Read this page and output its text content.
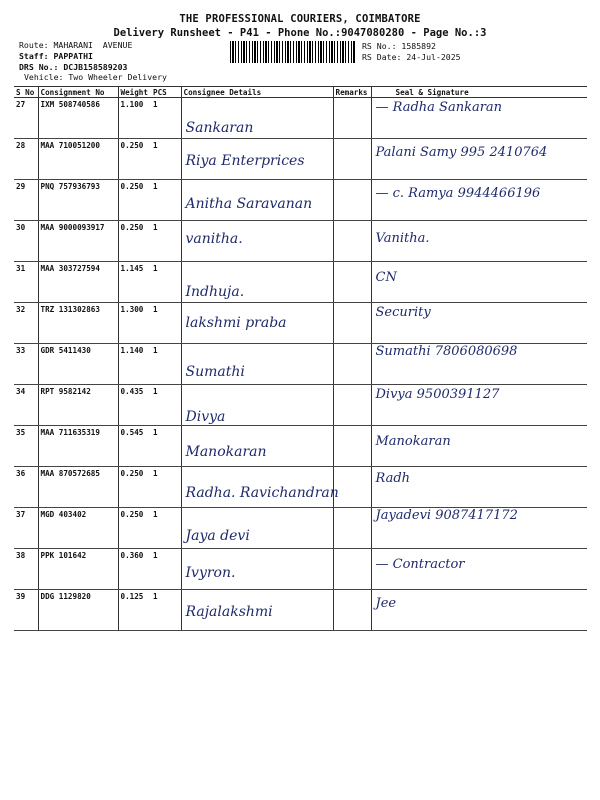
THE PROFESSIONAL COURIERS, COIMBATORE
Delivery Runsheet - P41 - Phone No.:9047080280 - Page No.:3
Route: MAHARANI  AVENUE
Staff: PAPPATHI
DRS No.: DCJB15858920З
Vehicle: Two Wheeler Delivery
RS No.: 1585892
RS Date: 24-Jul-2025
S No	Consignment No	Weight	PCS	Consignee Details	Remarks	Seal & Signature
27	IXM 508740586	1.100	1	Sankaran		— Radha Sankaran

28	MAA 710051200	0.250	1	Riya Enterprices		Palani Samy 995 2410764

29	PNQ 757936793	0.250	1	Anitha Saravanan		— c. Ramya 9944466196

30	MAA 9000093917	0.250	1	vanitha.		Vanitha.

31	MAA 303727594	1.145	1	Indhuja.		CN

32	TRZ 131302863	1.300	1	lakshmi praba		Security

33	GDR 5411430	1.140	1	Sumathi		Sumathi 7806080698

34	RPT 9582142	0.435	1	Divya		Divya 9500391127

35	MAA 711635319	0.545	1	Manokaran		Manokaran

36	MAA 870572685	0.250	1	Radha. Ravichandran		Radh

37	MGD 403402	0.250	1	Jaya devi		Jayadevi 9087417172

38	PPK 101642	0.360	1	Ivyron.		— Contractor

39	DDG 1129820	0.125	1	Rajalakshmi		Jee
